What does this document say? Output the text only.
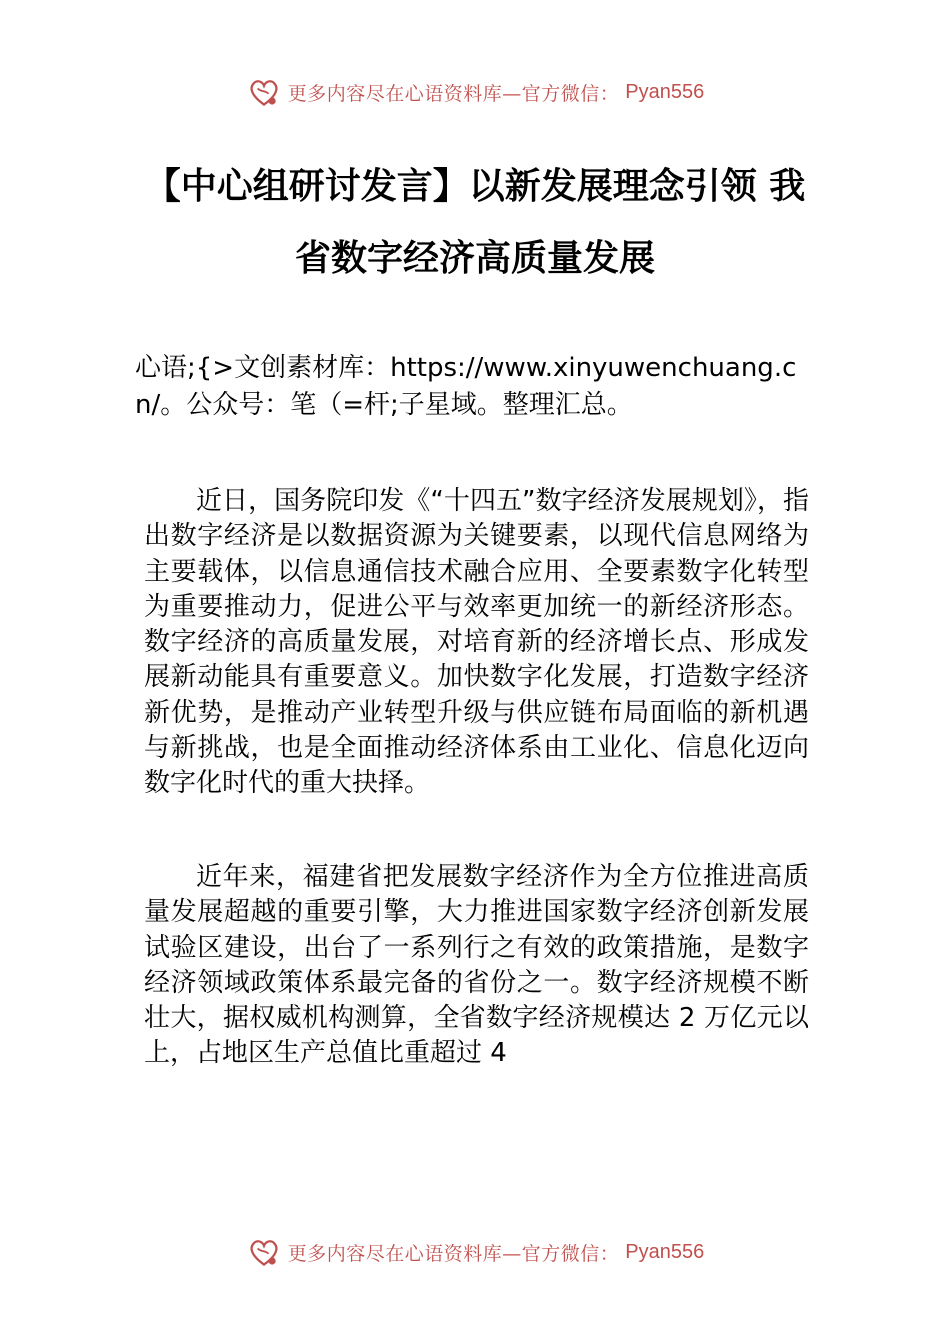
更多内容尽在心语资料库—官方微信： Pyan556
【中心组研讨发言】以新发展理念引领 我省数字经济高质量发展
心语;{>文创素材库：https://www.xinyuwenchuang.cn/。公众号：笔（=杆;子星域。整理汇总。

近日，国务院印发《“十四五”数字经济发展规划》，指出数字经济是以数据资源为关键要素，以现代信息网络为主要载体，以信息通信技术融合应用、全要素数字化转型为重要推动力，促进公平与效率更加统一的新经济形态。数字经济的高质量发展，对培育新的经济增长点、形成发展新动能具有重要意义。加快数字化发展，打造数字经济新优势，是推动产业转型升级与供应链布局面临的新机遇与新挑战，也是全面推动经济体系由工业化、信息化迈向数字化时代的重大抉择。

近年来，福建省把发展数字经济作为全方位推进高质量发展超越的重要引擎，大力推进国家数字经济创新发展试验区建设，出台了一系列行之有效的政策措施，是数字经济领域政策体系最完备的省份之一。数字经济规模不断壮大，据权威机构测算，全省数字经济规模达 2 万亿元以上，占地区生产总值比重超过 4

更多内容尽在心语资料库—官方微信： Pyan556
